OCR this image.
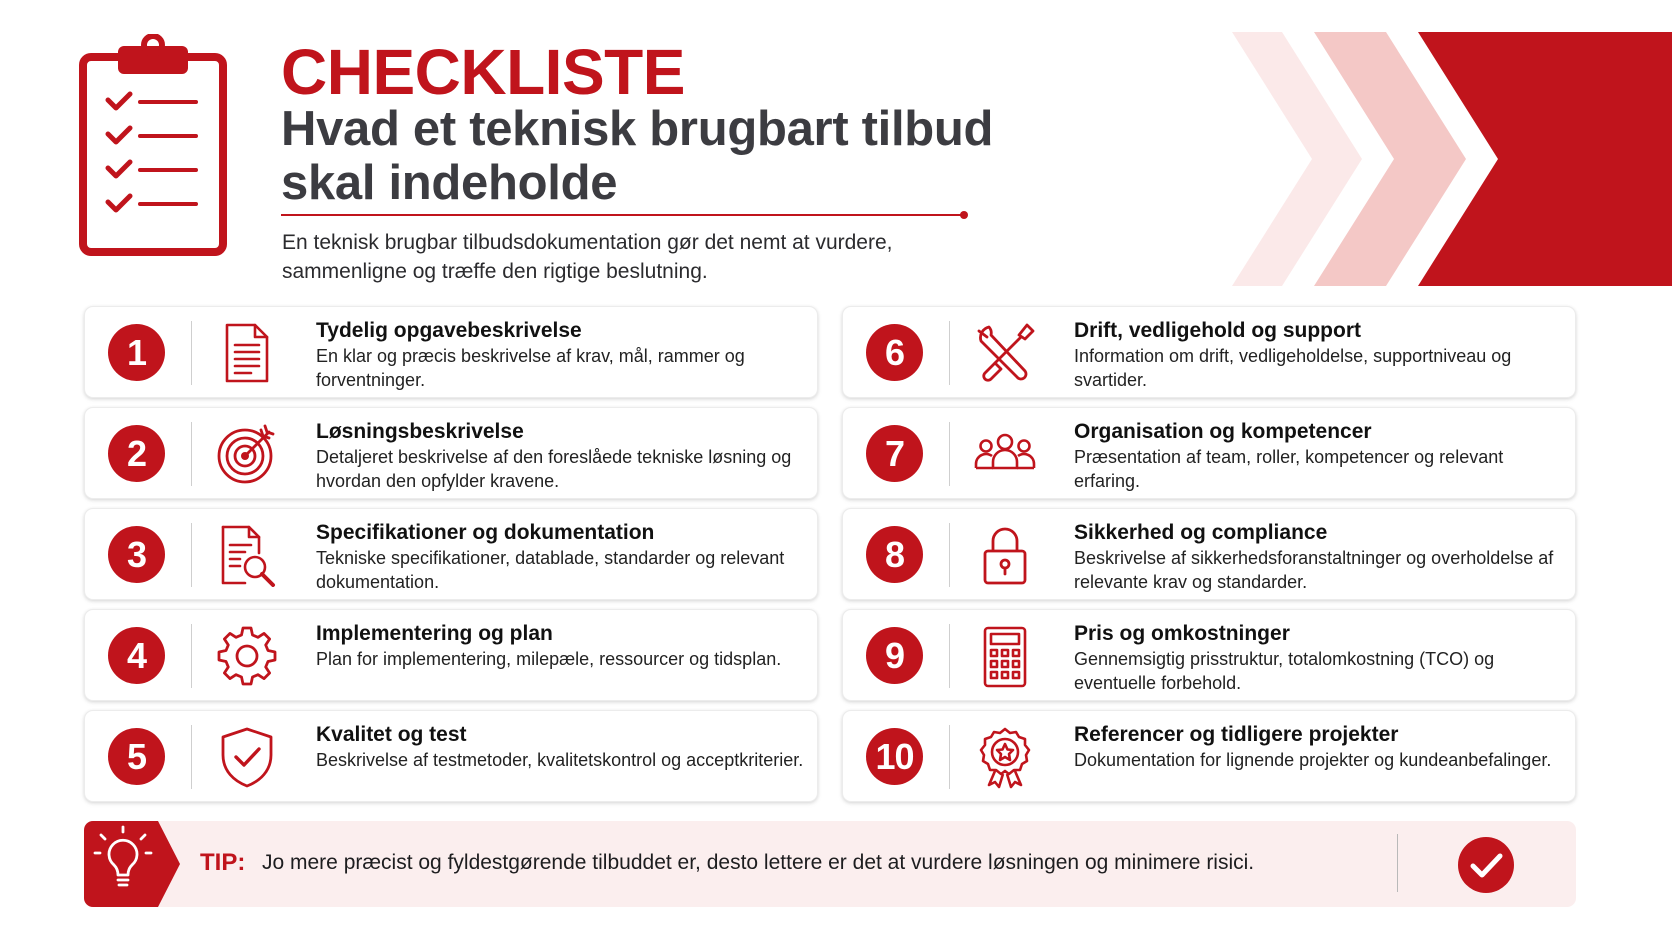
CHECKLISTE
Hvad et teknisk brugbart tilbud skal indeholde
En teknisk brugbar tilbudsdokumentation gør det nemt at vurdere, sammenligne og træffe den rigtige beslutning.
1
Tydelig opgavebeskrivelse
En klar og præcis beskrivelse af krav, mål, rammer og forventninger.
2
Løsningsbeskrivelse
Detaljeret beskrivelse af den foreslåede tekniske løsning og hvordan den opfylder kravene.
3
Specifikationer og dokumentation
Tekniske specifikationer, datablade, standarder og relevant dokumentation.
4
Implementering og plan
Plan for implementering, milepæle, ressourcer og tidsplan.
5
Kvalitet og test
Beskrivelse af testmetoder, kvalitetskontrol og acceptkriterier.
6
Drift, vedligehold og support
Information om drift, vedligeholdelse, supportniveau og svartider.
7
Organisation og kompetencer
Præsentation af team, roller, kompetencer og relevant erfaring.
8
Sikkerhed og compliance
Beskrivelse af sikkerhedsforanstaltninger og overholdelse af relevante krav og standarder.
9
Pris og omkostninger
Gennemsigtig prisstruktur, totalomkostning (TCO) og eventuelle forbehold.
10
Referencer og tidligere projekter
Dokumentation for lignende projekter og kundeanbefalinger.
TIP: Jo mere præcist og fyldestgørende tilbuddet er, desto lettere er det at vurdere løsningen og minimere risici.
